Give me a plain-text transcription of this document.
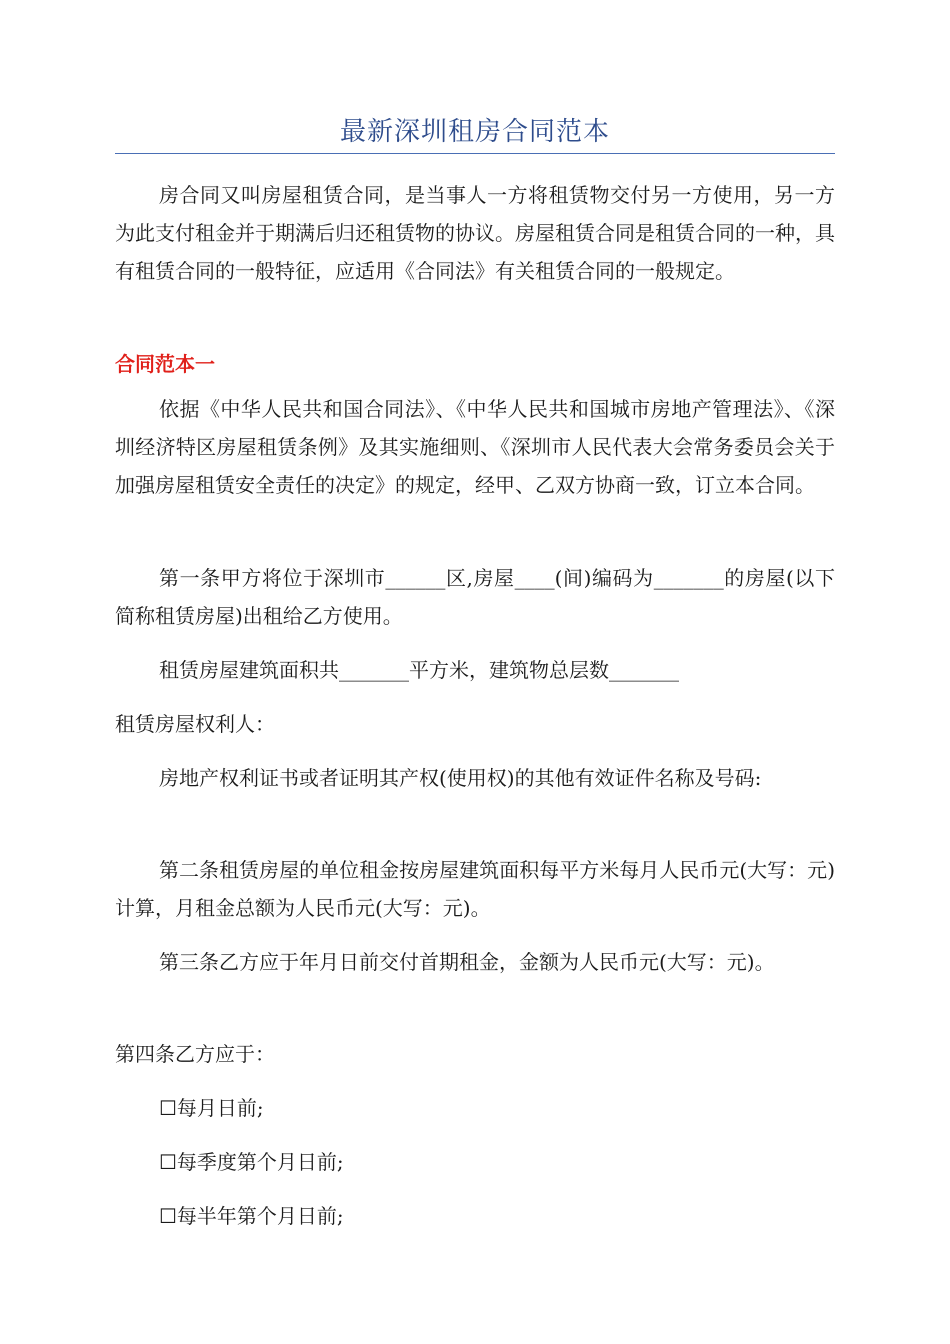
最新深圳租房合同范本

房合同又叫房屋租赁合同，是当事人一方将租赁物交付另一方使用，另一方为此支付租金并于期满后归还租赁物的协议。房屋租赁合同是租赁合同的一种，具有租赁合同的一般特征，应适用《合同法》有关租赁合同的一般规定。

合同范本一

依据《中华人民共和国合同法》、《中华人民共和国城市房地产管理法》、《深圳经济特区房屋租赁条例》及其实施细则、《深圳市人民代表大会常务委员会关于加强房屋租赁安全责任的决定》的规定，经甲、乙双方协商一致，订立本合同。

第一条甲方将位于深圳市______区,房屋____(间)编码为_______的房屋(以下简称租赁房屋)出租给乙方使用。

租赁房屋建筑面积共_______平方米，建筑物总层数_______

租赁房屋权利人：

房地产权利证书或者证明其产权(使用权)的其他有效证件名称及号码:

第二条租赁房屋的单位租金按房屋建筑面积每平方米每月人民币元(大写：元)计算，月租金总额为人民币元(大写：元)。

第三条乙方应于年月日前交付首期租金，金额为人民币元(大写：元)。

第四条乙方应于：

☐每月日前;

☐每季度第个月日前;

☐每半年第个月日前;
